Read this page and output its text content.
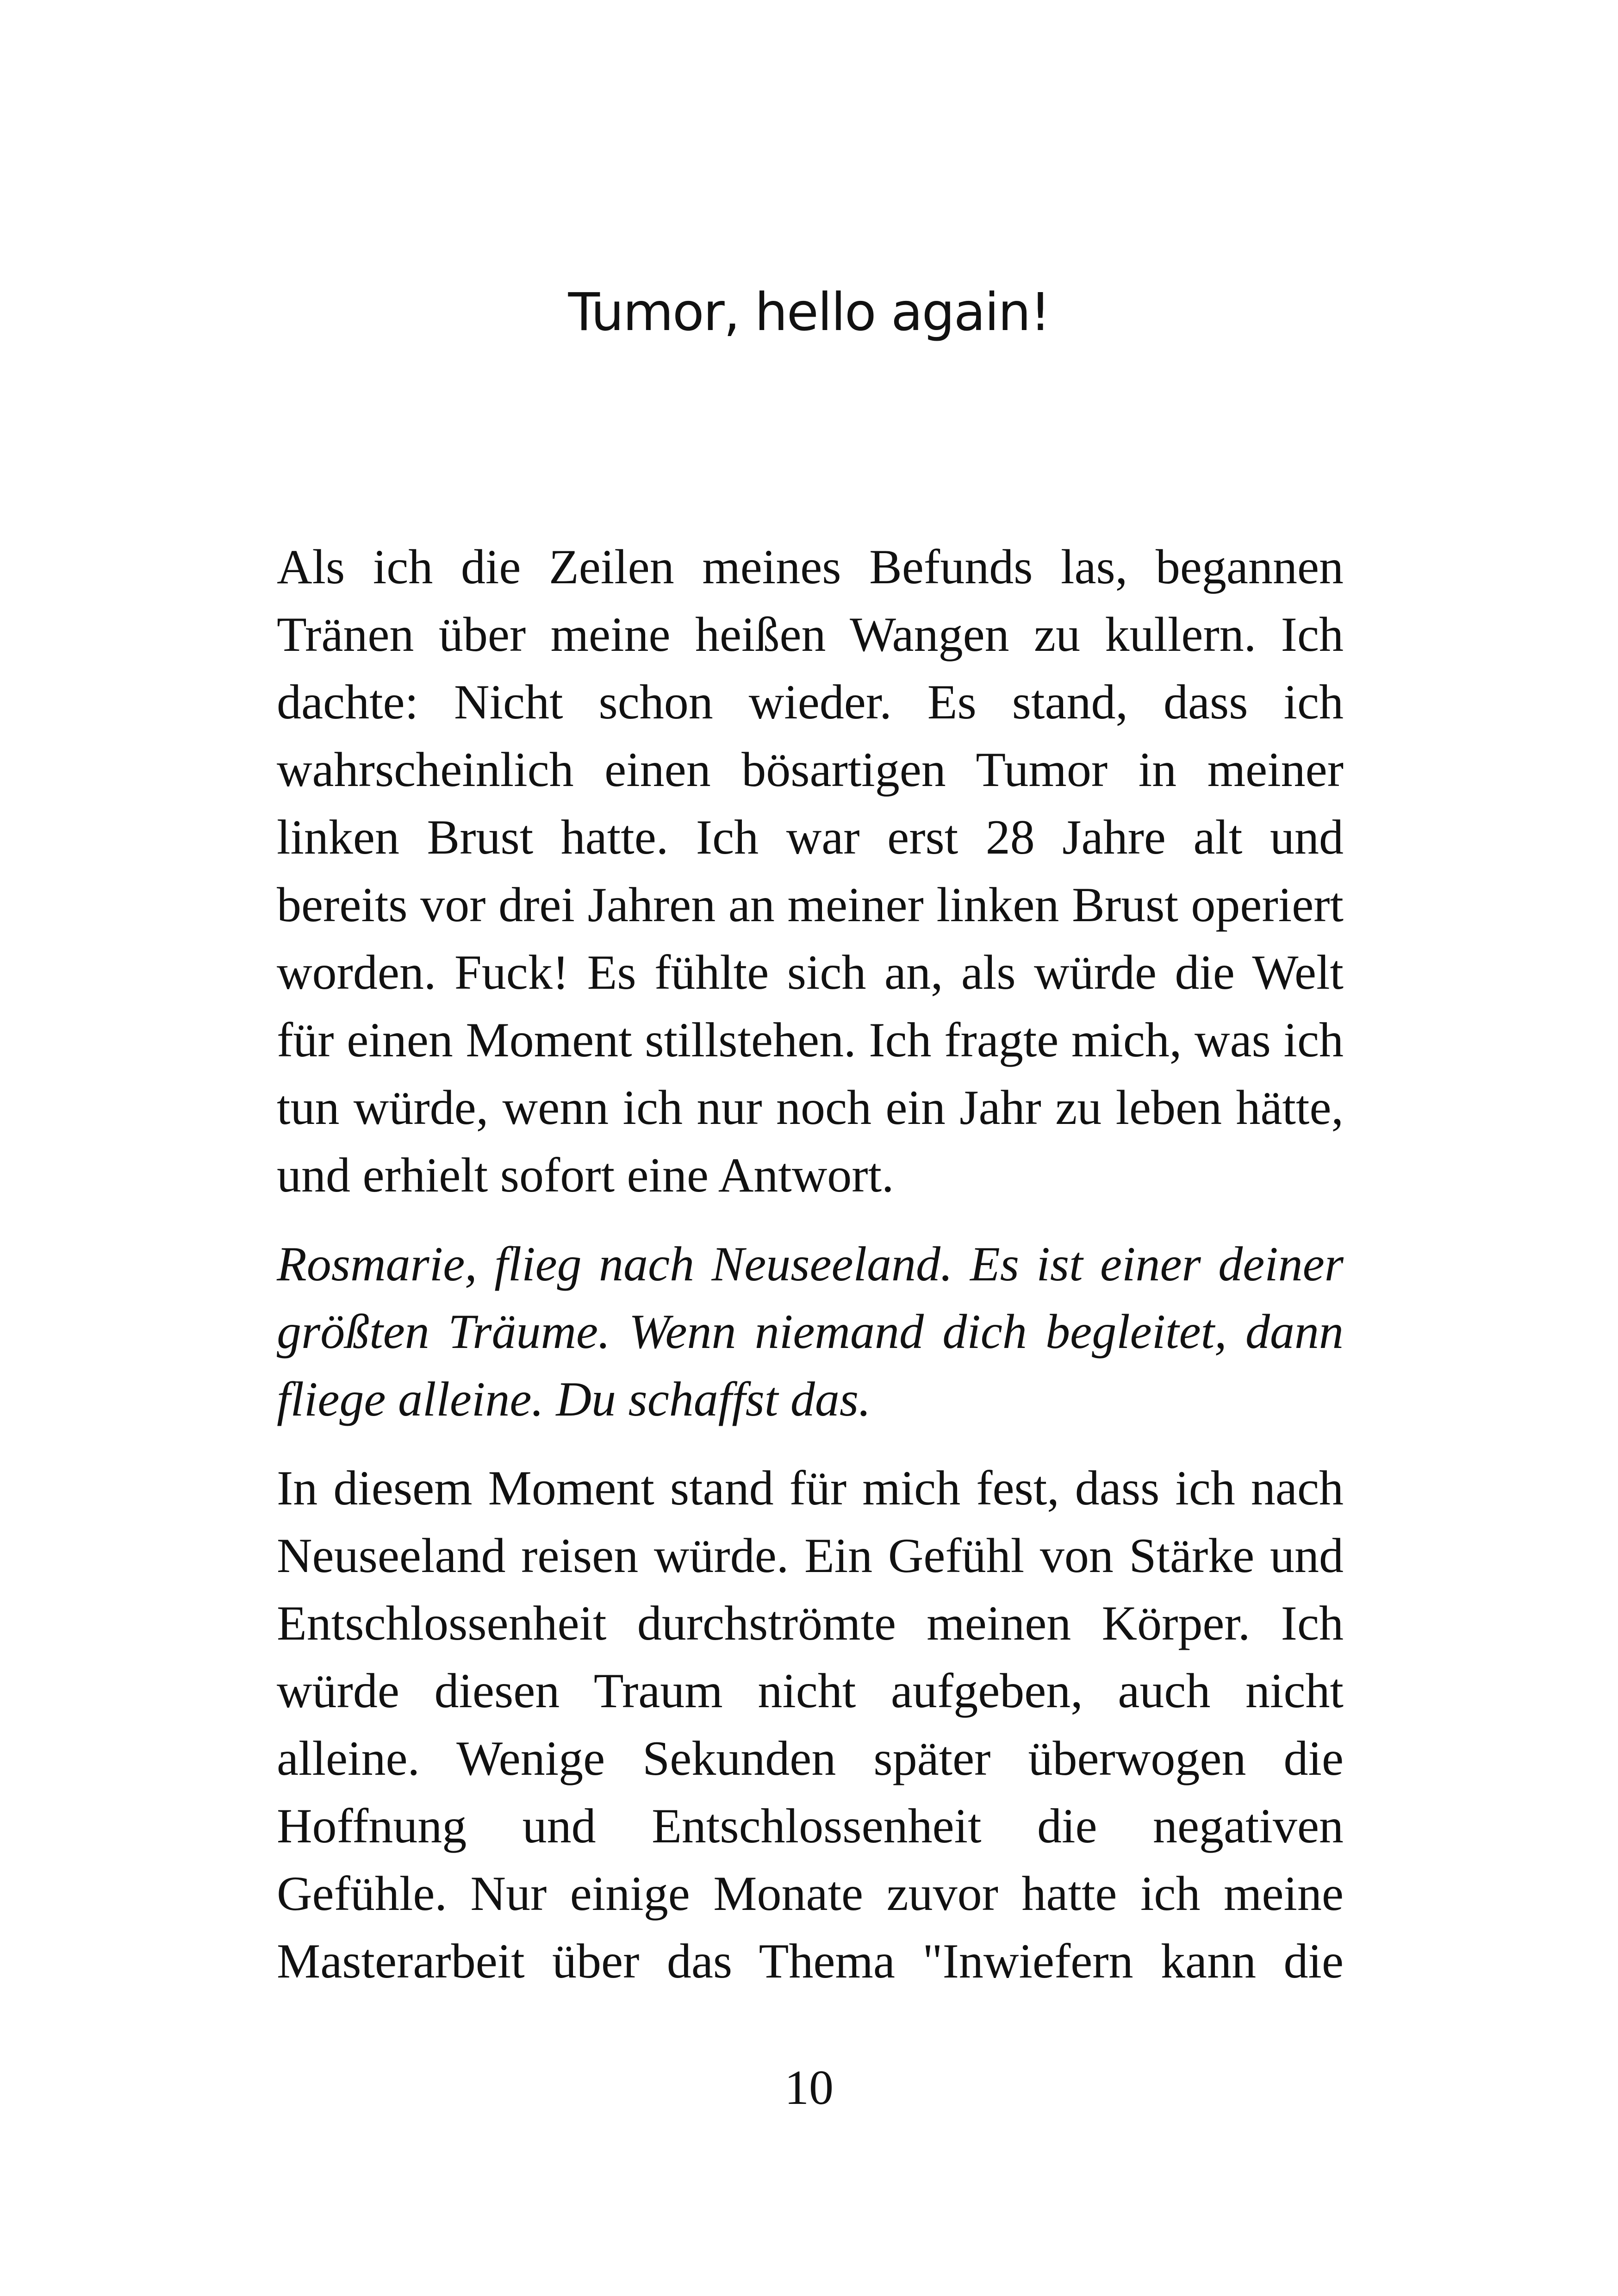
Tumor, hello again!

Als ich die Zeilen meines Befunds las, begannen
Tränen über meine heißen Wangen zu kullern. Ich
dachte: Nicht schon wieder. Es stand, dass ich
wahrscheinlich einen bösartigen Tumor in meiner
linken Brust hatte. Ich war erst 28 Jahre alt und
bereits vor drei Jahren an meiner linken Brust operiert
worden. Fuck! Es fühlte sich an, als würde die Welt
für einen Moment stillstehen. Ich fragte mich, was ich
tun würde, wenn ich nur noch ein Jahr zu leben hätte,
und erhielt sofort eine Antwort.

Rosmarie, flieg nach Neuseeland. Es ist einer deiner
größten Träume. Wenn niemand dich begleitet, dann
fliege alleine. Du schaffst das.

In diesem Moment stand für mich fest, dass ich nach
Neuseeland reisen würde. Ein Gefühl von Stärke und
Entschlossenheit durchströmte meinen Körper. Ich
würde diesen Traum nicht aufgeben, auch nicht
alleine. Wenige Sekunden später überwogen die
Hoffnung und Entschlossenheit die negativen
Gefühle. Nur einige Monate zuvor hatte ich meine
Masterarbeit über das Thema "Inwiefern kann die

10
